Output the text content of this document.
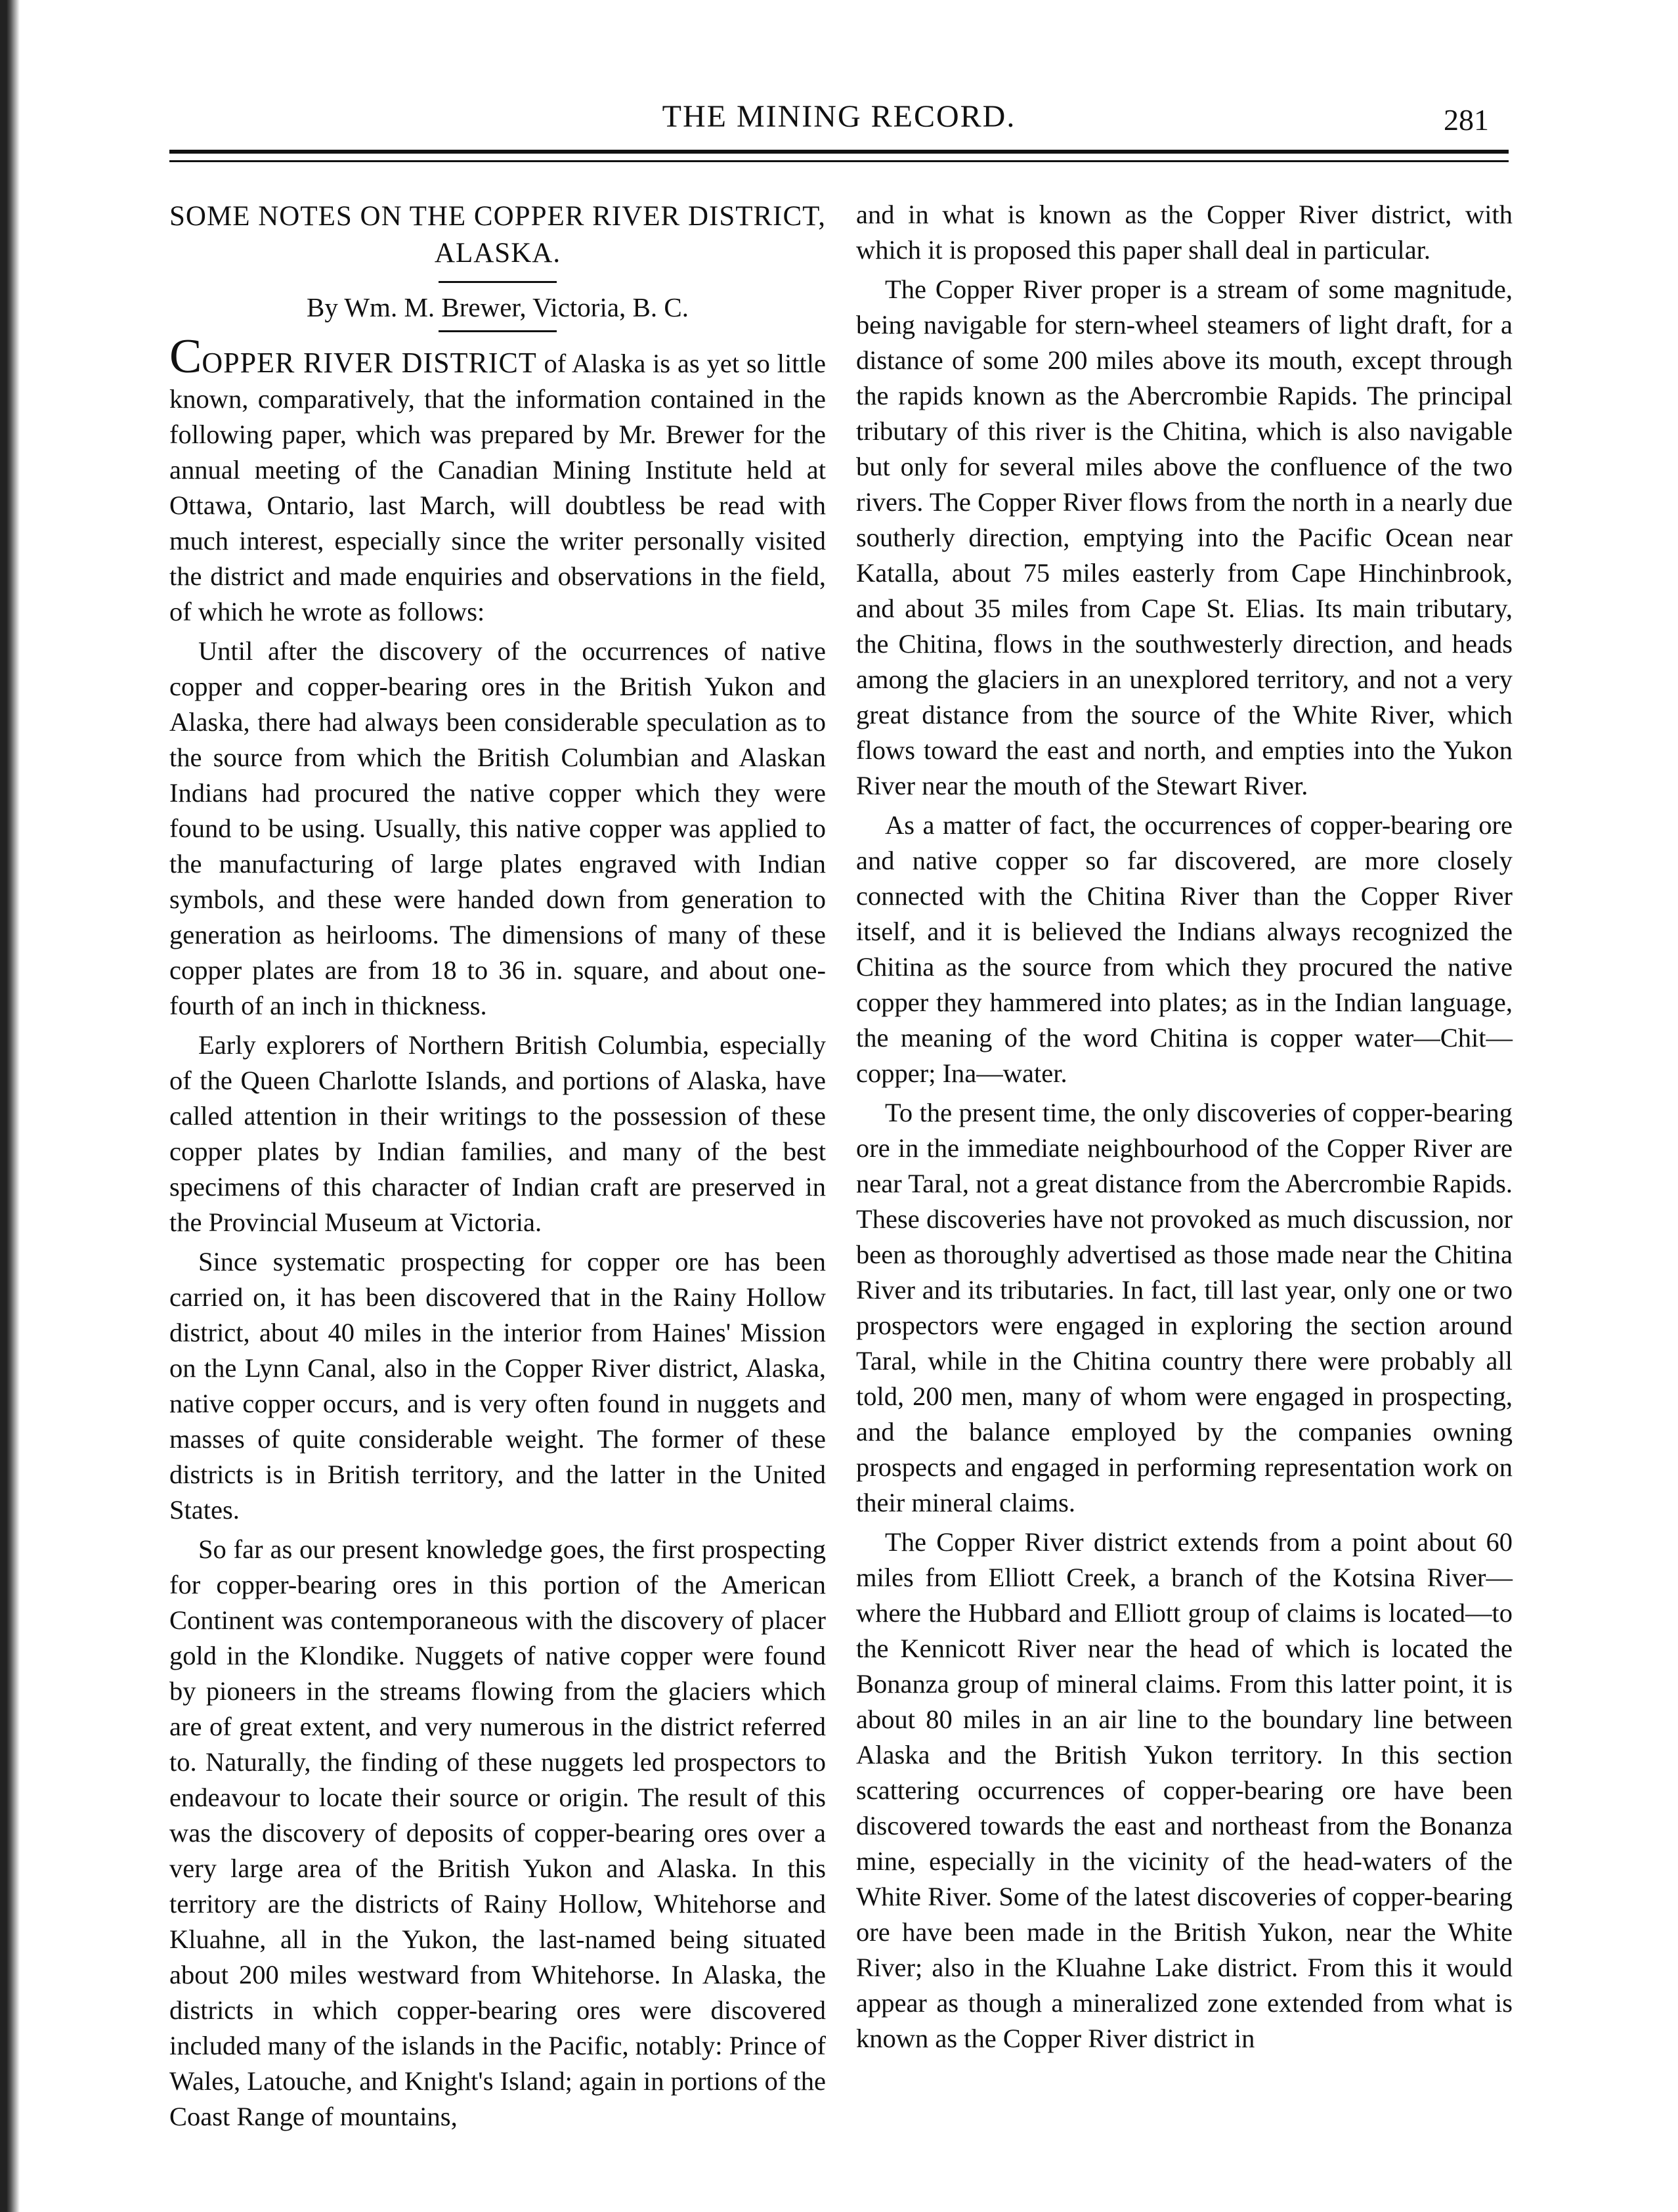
THE MINING RECORD.	281
SOME NOTES ON THE COPPER RIVER DISTRICT, ALASKA.
By Wm. M. Brewer, Victoria, B. C.

COPPER RIVER DISTRICT of Alaska is as yet so little known, comparatively, that the information contained in the following paper, which was prepared by Mr. Brewer for the annual meeting of the Canadian Mining Institute held at Ottawa, Ontario, last March, will doubtless be read with much interest, especially since the writer personally visited the district and made enquiries and observations in the field, of which he wrote as follows:

Until after the discovery of the occurrences of native copper and copper-bearing ores in the British Yukon and Alaska, there had always been considerable speculation as to the source from which the British Columbian and Alaskan Indians had procured the native copper which they were found to be using. Usually, this native copper was applied to the manufacturing of large plates engraved with Indian symbols, and these were handed down from generation to generation as heirlooms. The dimensions of many of these copper plates are from 18 to 36 in. square, and about one-fourth of an inch in thickness.

Early explorers of Northern British Columbia, especially of the Queen Charlotte Islands, and portions of Alaska, have called attention in their writings to the possession of these copper plates by Indian families, and many of the best specimens of this character of Indian craft are preserved in the Provincial Museum at Victoria.

Since systematic prospecting for copper ore has been carried on, it has been discovered that in the Rainy Hollow district, about 40 miles in the interior from Haines' Mission on the Lynn Canal, also in the Copper River district, Alaska, native copper occurs, and is very often found in nuggets and masses of quite considerable weight. The former of these districts is in British territory, and the latter in the United States.

So far as our present knowledge goes, the first prospecting for copper-bearing ores in this portion of the American Continent was contemporaneous with the discovery of placer gold in the Klondike. Nuggets of native copper were found by pioneers in the streams flowing from the glaciers which are of great extent, and very numerous in the district referred to. Naturally, the finding of these nuggets led prospectors to endeavour to locate their source or origin. The result of this was the discovery of deposits of copper-bearing ores over a very large area of the British Yukon and Alaska. In this territory are the districts of Rainy Hollow, Whitehorse and Kluahne, all in the Yukon, the last-named being situated about 200 miles westward from Whitehorse. In Alaska, the districts in which copper-bearing ores were discovered included many of the islands in the Pacific, notably: Prince of Wales, Latouche, and Knight's Island; again in portions of the Coast Range of mountains,

and in what is known as the Copper River district, with which it is proposed this paper shall deal in particular.

The Copper River proper is a stream of some magnitude, being navigable for stern-wheel steamers of light draft, for a distance of some 200 miles above its mouth, except through the rapids known as the Abercrombie Rapids. The principal tributary of this river is the Chitina, which is also navigable but only for several miles above the confluence of the two rivers. The Copper River flows from the north in a nearly due southerly direction, emptying into the Pacific Ocean near Katalla, about 75 miles easterly from Cape Hinchinbrook, and about 35 miles from Cape St. Elias. Its main tributary, the Chitina, flows in the southwesterly direction, and heads among the glaciers in an unexplored territory, and not a very great distance from the source of the White River, which flows toward the east and north, and empties into the Yukon River near the mouth of the Stewart River.

As a matter of fact, the occurrences of copper-bearing ore and native copper so far discovered, are more closely connected with the Chitina River than the Copper River itself, and it is believed the Indians always recognized the Chitina as the source from which they procured the native copper they hammered into plates; as in the Indian language, the meaning of the word Chitina is copper water—Chit—copper; Ina—water.

To the present time, the only discoveries of copper-bearing ore in the immediate neighbourhood of the Copper River are near Taral, not a great distance from the Abercrombie Rapids. These discoveries have not provoked as much discussion, nor been as thoroughly advertised as those made near the Chitina River and its tributaries. In fact, till last year, only one or two prospectors were engaged in exploring the section around Taral, while in the Chitina country there were probably all told, 200 men, many of whom were engaged in prospecting, and the balance employed by the companies owning prospects and engaged in performing representation work on their mineral claims.

The Copper River district extends from a point about 60 miles from Elliott Creek, a branch of the Kotsina River—where the Hubbard and Elliott group of claims is located—to the Kennicott River near the head of which is located the Bonanza group of mineral claims. From this latter point, it is about 80 miles in an air line to the boundary line between Alaska and the British Yukon territory. In this section scattering occurrences of copper-bearing ore have been discovered towards the east and northeast from the Bonanza mine, especially in the vicinity of the head-waters of the White River. Some of the latest discoveries of copper-bearing ore have been made in the British Yukon, near the White River; also in the Kluahne Lake district. From this it would appear as though a mineralized zone extended from what is known as the Copper River district in
